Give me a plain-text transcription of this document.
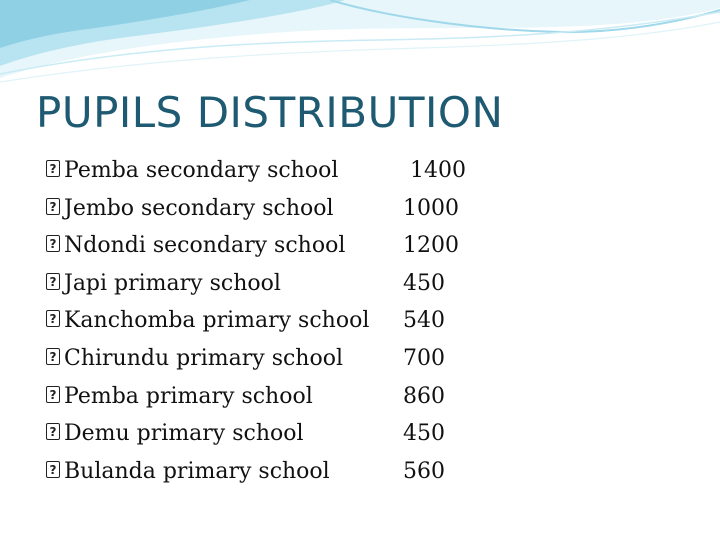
PUPILS DISTRIBUTION
?
Pemba secondary school	1400
?
Jembo secondary school	1000
?
Ndondi secondary school	1200
?
Japi primary school	450
?
Kanchomba primary school 540
?
Chirundu primary school	700
?
Pemba primary school	860
?
Demu primary school	450
?
Bulanda primary school	560
